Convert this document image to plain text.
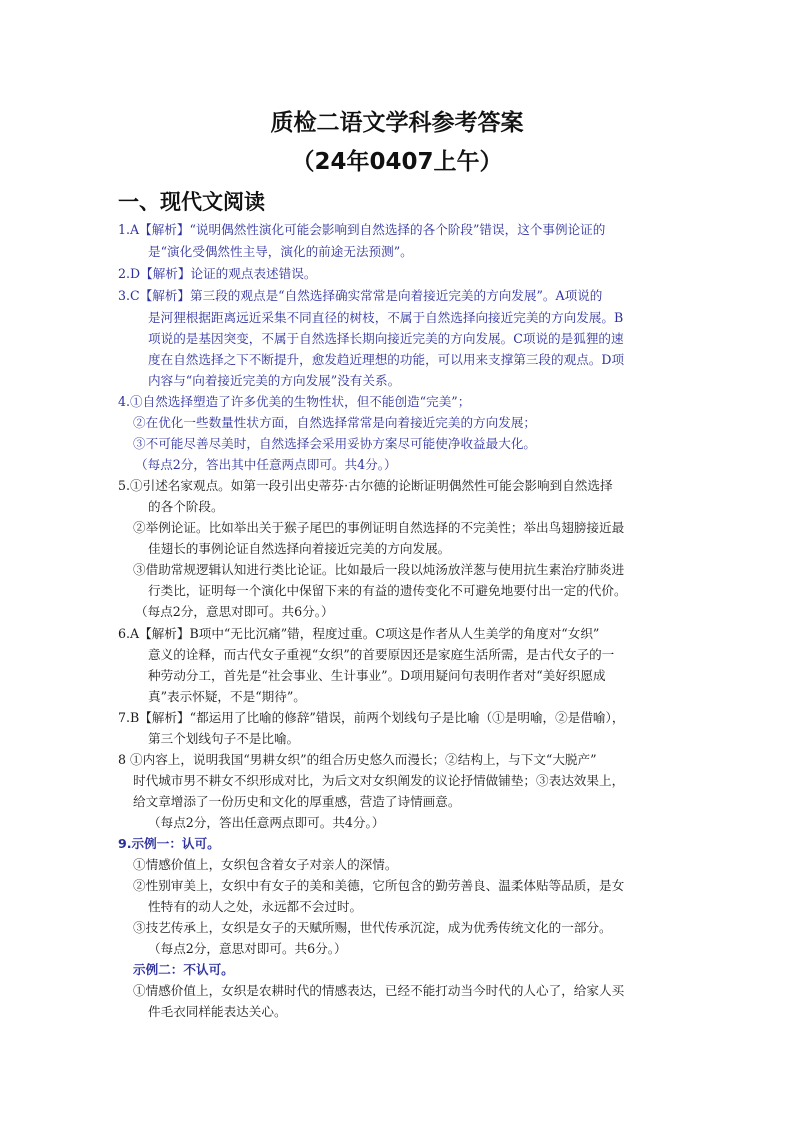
质检二语文学科参考答案
（24年0407上午）
一、现代文阅读
1.A【解析】“说明偶然性演化可能会影响到自然选择的各个阶段”错误，这个事例论证的
是“演化受偶然性主导，演化的前途无法预测”。
2.D【解析】论证的观点表述错误。
3.C【解析】第三段的观点是“自然选择确实常常是向着接近完美的方向发展”。A项说的
是河狸根据距离远近采集不同直径的树枝，不属于自然选择向接近完美的方向发展。B
项说的是基因突变，不属于自然选择长期向接近完美的方向发展。C项说的是狐狸的速
度在自然选择之下不断提升，愈发趋近理想的功能，可以用来支撑第三段的观点。D项
内容与“向着接近完美的方向发展”没有关系。
4.①自然选择塑造了许多优美的生物性状，但不能创造“完美”；
②在优化一些数量性状方面，自然选择常常是向着接近完美的方向发展；
③不可能尽善尽美时，自然选择会采用妥协方案尽可能使净收益最大化。
（每点2分，答出其中任意两点即可。共4分。）
5.①引述名家观点。如第一段引出史蒂芬·古尔德的论断证明偶然性可能会影响到自然选择
的各个阶段。
②举例论证。比如举出关于猴子尾巴的事例证明自然选择的不完美性；举出鸟翅膀接近最
佳翅长的事例论证自然选择向着接近完美的方向发展。
③借助常规逻辑认知进行类比论证。比如最后一段以炖汤放洋葱与使用抗生素治疗肺炎进
行类比，证明每一个演化中保留下来的有益的遗传变化不可避免地要付出一定的代价。
（每点2分，意思对即可。共6分。）
6.A【解析】B项中“无比沉痛”错，程度过重。C项这是作者从人生美学的角度对“女织”
意义的诠释，而古代女子重视“女织”的首要原因还是家庭生活所需，是古代女子的一
种劳动分工，首先是“社会事业、生计事业”。D项用疑问句表明作者对“美好织愿成
真”表示怀疑，不是“期待”。
7.B【解析】“都运用了比喻的修辞”错误，前两个划线句子是比喻（①是明喻，②是借喻），
第三个划线句子不是比喻。
8 ①内容上，说明我国“男耕女织”的组合历史悠久而漫长；②结构上，与下文“大脱产”
时代城市男不耕女不织形成对比，为后文对女织阐发的议论抒情做铺垫；③表达效果上，
给文章增添了一份历史和文化的厚重感，营造了诗情画意。
（每点2分，答出任意两点即可。共4分。）
9.示例一：认可。
①情感价值上，女织包含着女子对亲人的深情。
②性别审美上，女织中有女子的美和美德，它所包含的勤劳善良、温柔体贴等品质，是女
性特有的动人之处，永远都不会过时。
③技艺传承上，女织是女子的天赋所赐，世代传承沉淀，成为优秀传统文化的一部分。
（每点2分，意思对即可。共6分。）
示例二：不认可。
①情感价值上，女织是农耕时代的情感表达，已经不能打动当今时代的人心了，给家人买
件毛衣同样能表达关心。
